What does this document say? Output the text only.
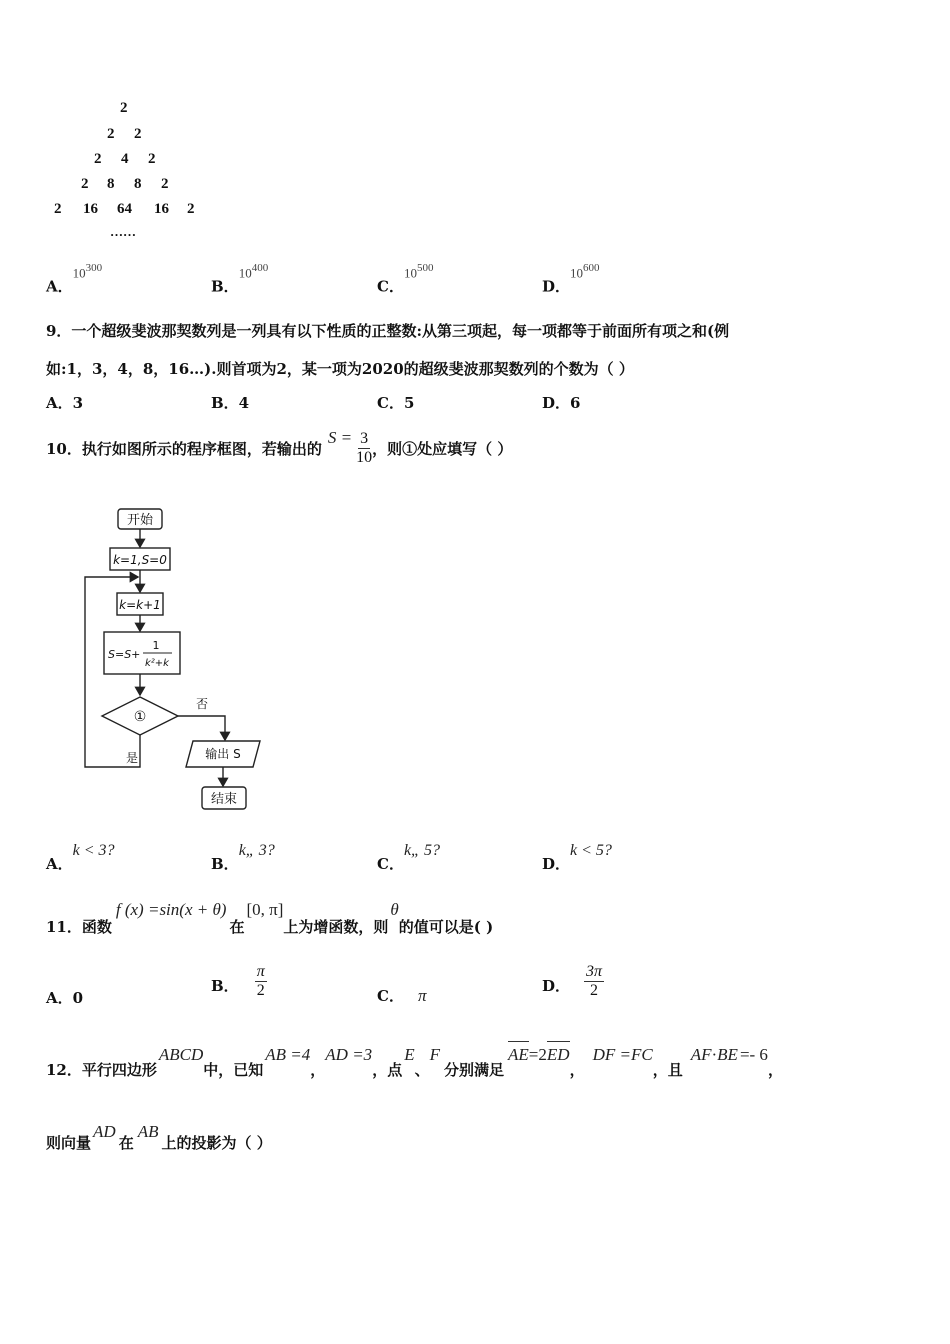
2
2 2
2 4 2
2 8 8 2
2 16 64 16 2
……
A．$10^{300}$
B．$10^{400}$
C．$10^{500}$
D．$10^{600}$
9．一个超级斐波那契数列是一列具有以下性质的正整数:从第三项起，每一项都等于前面所有项之和(例
如:1，3，4，8，16…).则首项为2，某一项为2020的超级斐波那契数列的个数为（ ）
A．3	B．4	C．5	D．6
10．执行如图所示的程序框图，若输出的
$S = \frac{3}{10}$ ，则①处应填写（ ）
开始
k=1,S=0
k=k+1
S=S+
1
k²+k
①
否
是	输出 S
结束
A．k < 3?
B．k„ 3?
C．k„ 5?
D．k < 5?
11．函数
f (x) =sin(x + θ)
在
[0, π]
上为增函数，则
θ
的值可以是( )
A．0
B． $\frac{\pi}{2}$	C． π	D． $\frac{3\pi}{2}$
12．平行四边形
ABCD
中，已知
AB =4
，
AD =3
，点
E
、
F
分别满足
AE =2 ED
，
DF =FC
，且
AF · BE =- 6
，
则向量
AD
在
AB
上的投影为（ ）
